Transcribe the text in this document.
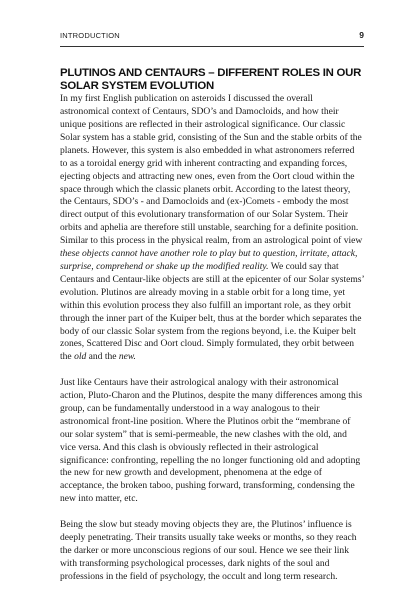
INTRODUCTION	9
PLUTINOS AND CENTAURS – DIFFERENT ROLES IN OUR SOLAR SYSTEM EVOLUTION

In my first English publication on asteroids I discussed the overall astronomical context of Centaurs, SDO’s and Damocloids, and how their unique positions are reflected in their astrological significance. Our classic Solar system has a stable grid, consisting of the Sun and the stable orbits of the planets. However, this system is also embedded in what astronomers referred to as a toroidal energy grid with inherent contracting and expanding forces, ejecting objects and attracting new ones, even from the Oort cloud within the space through which the classic planets orbit. According to the latest theory, the Centaurs, SDO’s - and Damocloids and (ex-)Comets - embody the most direct output of this evolutionary transformation of our Solar System. Their orbits and aphelia are therefore still unstable, searching for a definite position. Similar to this process in the physical realm, from an astrological point of view these objects cannot have another role to play but to question, irritate, attack, surprise, comprehend or shake up the modified reality. We could say that Centaurs and Centaur-like objects are still at the epicenter of our Solar systems’ evolution. Plutinos are already moving in a stable orbit for a long time, yet within this evolution process they also fulfill an important role, as they orbit through the inner part of the Kuiper belt, thus at the border which separates the body of our classic Solar system from the regions beyond, i.e. the Kuiper belt zones, Scattered Disc and Oort cloud. Simply formulated, they orbit between the old and the new.

Just like Centaurs have their astrological analogy with their astronomical action, Pluto-Charon and the Plutinos, despite the many differences among this group, can be fundamentally understood in a way analogous to their astronomical front-line position. Where the Plutinos orbit the “membrane of our solar system” that is semi-permeable, the new clashes with the old, and vice versa. And this clash is obviously reflected in their astrological significance: confronting, repelling the no longer functioning old and adopting the new for new growth and development, phenomena at the edge of acceptance, the broken taboo, pushing forward, transforming, condensing the new into matter, etc.

Being the slow but steady moving objects they are, the Plutinos’ influence is deeply penetrating. Their transits usually take weeks or months, so they reach the darker or more unconscious regions of our soul. Hence we see their link with transforming psychological processes, dark nights of the soul and professions in the field of psychology, the occult and long term research.
